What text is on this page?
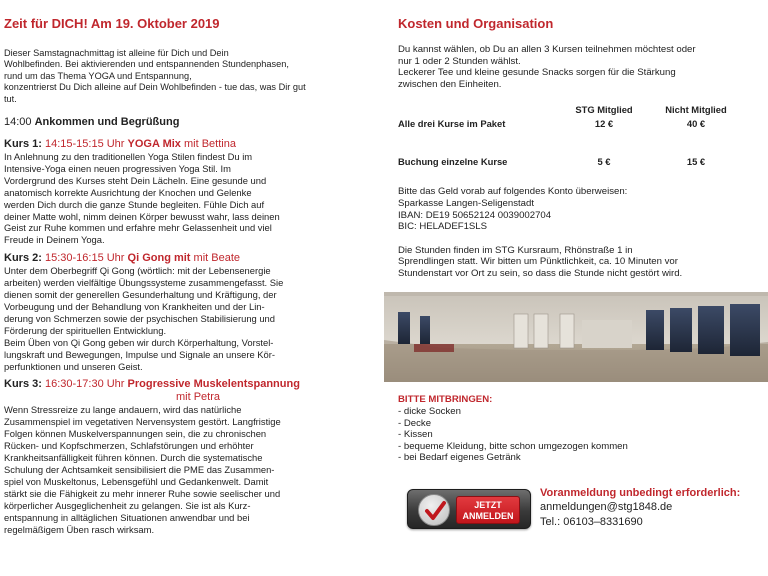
Zeit für DICH! Am 19. Oktober 2019
Dieser Samstagnachmittag ist alleine für Dich und Dein
Wohlbefinden. Bei aktivierenden und entspannenden Stundenphasen,
rund um das Thema YOGA und Entspannung,
konzentrierst Du Dich alleine auf Dein Wohlbefinden - tue das, was Dir gut
tut.
14:00 Ankommen und Begrüßung
Kurs 1: 14:15-15:15 Uhr YOGA Mix mit Bettina
In Anlehnung zu den traditionellen Yoga Stilen findest Du im
Intensive-Yoga einen neuen progressiven Yoga Stil. Im
Vordergrund des Kurses steht Dein Lächeln. Eine gesunde und
anatomisch korrekte Ausrichtung der Knochen und Gelenke
werden Dich durch die ganze Stunde begleiten. Fühle Dich auf
deiner Matte wohl, nimm deinen Körper bewusst wahr, lass deinen
Geist zur Ruhe kommen und erfahre mehr Gelassenheit und viel
Freude in Deinem Yoga.
Kurs 2: 15:30-16:15 Uhr Qi Gong mit mit Beate
Unter dem Oberbegriff Qi Gong (wörtlich: mit der Lebensenergie
arbeiten) werden vielfältige Übungssysteme zusammengefasst. Sie
dienen somit der generellen Gesunderhaltung und Kräftigung, der
Vorbeugung und der Behandlung von Krankheiten und der Lin-
derung von Schmerzen sowie der psychischen Stabilisierung und
Förderung der spirituellen Entwicklung.
Beim Üben von Qi Gong geben wir durch Körperhaltung, Vorstel-
lungskraft und Bewegungen, Impulse und Signale an unsere Kör-
perfunktionen und unseren Geist.
Kurs 3: 16:30-17:30 Uhr Progressive Muskelentspannung
mit Petra
Wenn Stressreize zu lange andauern, wird das natürliche
Zusammenspiel im vegetativen Nervensystem gestört. Langfristige
Folgen können Muskelverspannungen sein, die zu chronischen
Rücken- und Kopfschmerzen, Schlafstörungen und erhöhter
Krankheitsanfälligkeit führen können. Durch die systematische
Schulung der Achtsamkeit sensibilisiert die PME das Zusammen-
spiel von Muskeltonus, Lebensgefühl und Gedankenwelt. Damit
stärkt sie die Fähigkeit zu mehr innerer Ruhe sowie seelischer und
körperlicher Ausgeglichenheit zu gelangen. Sie ist als Kurz-
entspannung in alltäglichen Situationen anwendbar und bei
regelmäßigem Üben rasch wirksam.
Kosten und Organisation
Du kannst wählen, ob Du an allen 3 Kursen teilnehmen möchtest oder
nur 1 oder 2 Stunden wählst.
Leckerer Tee und kleine gesunde Snacks sorgen für die Stärkung
zwischen den Einheiten.
	STG Mitglied	Nicht Mitglied
Alle drei Kurse im Paket	12 €	40 €

Buchung einzelne Kurse	5 €	15 €
Bitte das Geld vorab auf folgendes Konto überweisen:
Sparkasse Langen-Seligenstadt
IBAN: DE19 50652124 0039002704
BIC: HELADEF1SLS
Die Stunden finden im STG Kursraum, Rhönstraße 1 in
Sprendlingen statt. Wir bitten um Pünktlichkeit, ca. 10 Minuten vor
Stundenstart vor Ort zu sein, so dass die Stunde nicht gestört wird.
BITTE MITBRINGEN:
- dicke Socken
- Decke
- Kissen
- bequeme Kleidung, bitte schon umgezogen kommen
- bei Bedarf eigenes Getränk
JETZT
ANMELDEN
Voranmeldung unbedingt erforderlich:
anmeldungen@stg1848.de
Tel.: 06103–8331690
